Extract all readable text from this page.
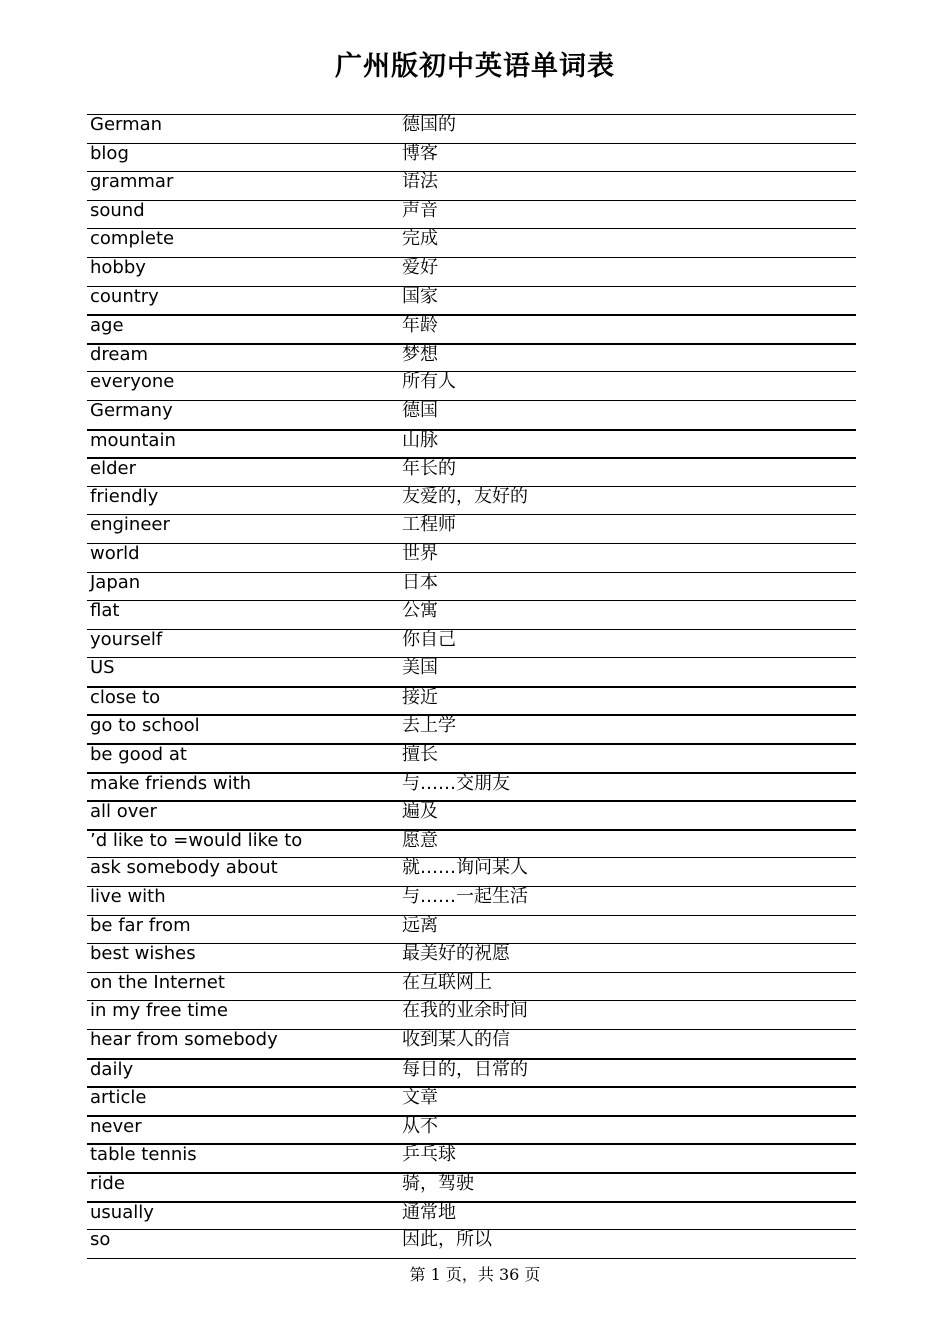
广州版初中英语单词表
German	德国的
blog	博客
grammar	语法
sound	声音
complete	完成
hobby	爱好
country	国家
age	年龄
dream	梦想
everyone	所有人
Germany	德国
mountain	山脉
elder	年长的
friendly	友爱的，友好的
engineer	工程师
world	世界
Japan	日本
flat	公寓
yourself	你自己
US	美国
close to	接近
go to school	去上学
be good at	擅长
make friends with	与……交朋友
all over	遍及
’d like to =would like to	愿意
ask somebody about	就……询问某人
live with	与……一起生活
be far from	远离
best wishes	最美好的祝愿
on the Internet	在互联网上
in my free time	在我的业余时间
hear from somebody	收到某人的信
daily	每日的，日常的
article	文章
never	从不
table tennis	乒乓球
ride	骑，驾驶
usually	通常地
so	因此，所以
第 1 页，共 36 页
